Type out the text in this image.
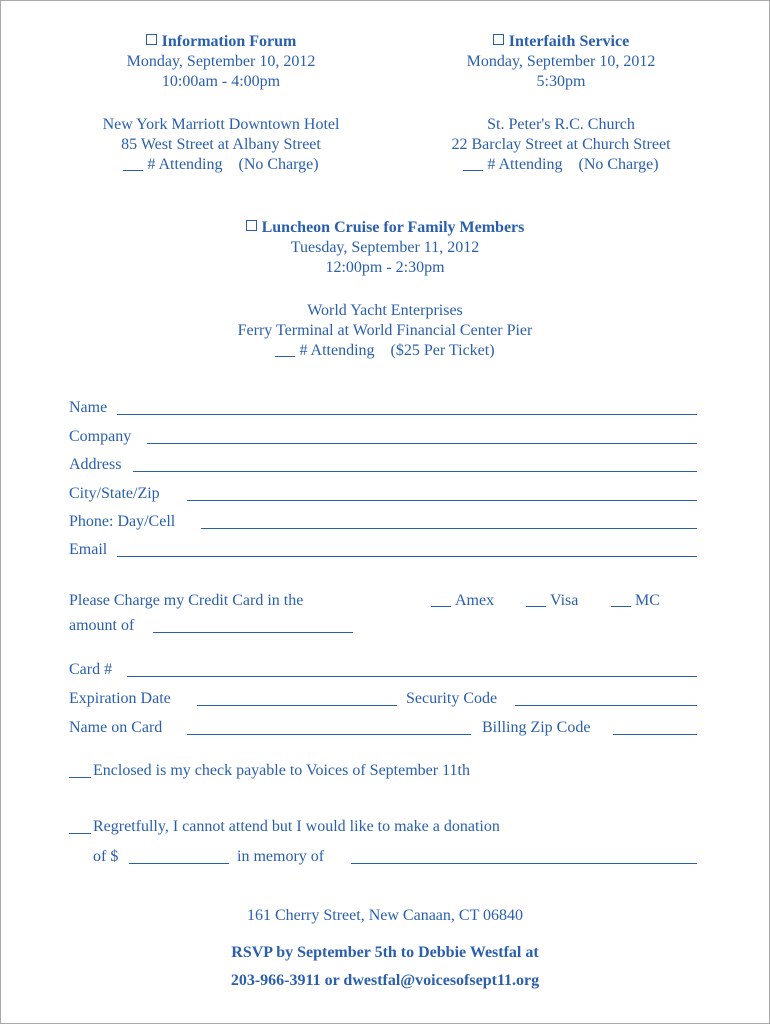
Information Forum
Monday, September 10, 2012
10:00am - 4:00pm
New York Marriott Downtown Hotel
85 West Street at Albany Street
# Attending (No Charge)
Interfaith Service
Monday, September 10, 2012
5:30pm
St. Peter's R.C. Church
22 Barclay Street at Church Street
# Attending (No Charge)
Luncheon Cruise for Family Members
Tuesday, September 11, 2012
12:00pm - 2:30pm
World Yacht Enterprises
Ferry Terminal at World Financial Center Pier
# Attending ($25 Per Ticket)
Name
Company
Address
City/State/Zip
Phone: Day/Cell
Email
Please Charge my Credit Card in the
amount of
Amex	Visa	MC
Card #
Expiration Date	Security Code
Name on Card	Billing Zip Code
Enclosed is my check payable to Voices of September 11th
Regretfully, I cannot attend but I would like to make a donation
of $	in memory of
161 Cherry Street, New Canaan, CT 06840
RSVP by September 5th to Debbie Westfal at
203-966-3911 or dwestfal@voicesofsept11.org
